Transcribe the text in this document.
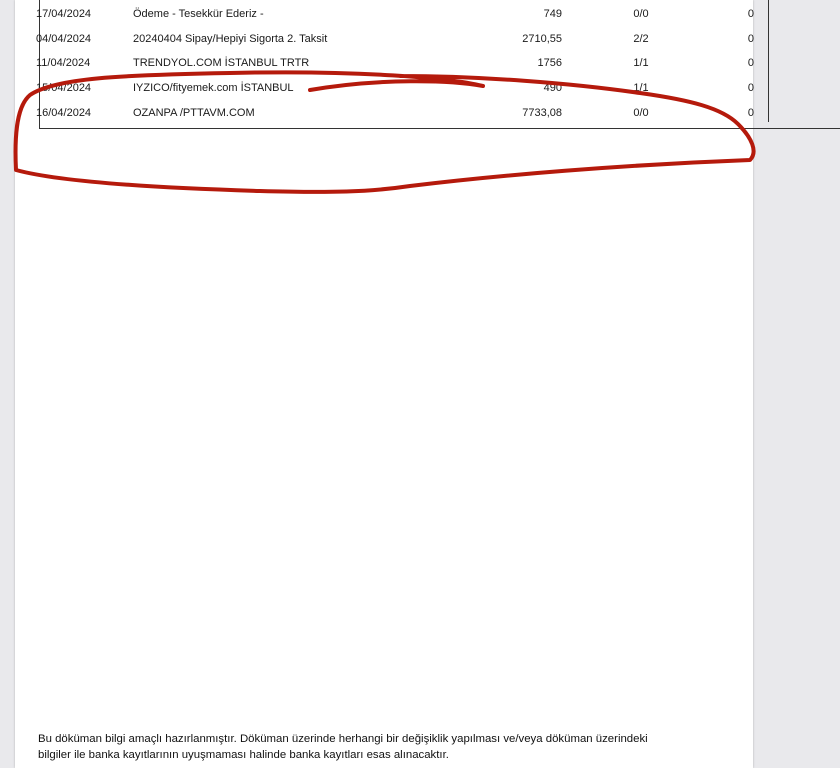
17/04/2024	Ödeme - Tesekkür Ederiz -	749	0/0	0
04/04/2024	20240404 Sipay/Hepiyi Sigorta 2. Taksit	2710,55	2/2	0
11/04/2024	TRENDYOL.COM İSTANBUL TRTR	1756	1/1	0
15/04/2024	IYZICO/fityemek.com İSTANBUL	490	1/1	0
16/04/2024	OZANPA /PTTAVM.COM	7733,08	0/0	0
Bu döküman bilgi amaçlı hazırlanmıştır. Döküman üzerinde herhangi bir değişiklik yapılması ve/veya döküman üzerindeki
bilgiler ile banka kayıtlarının uyuşmaması halinde banka kayıtları esas alınacaktır.
